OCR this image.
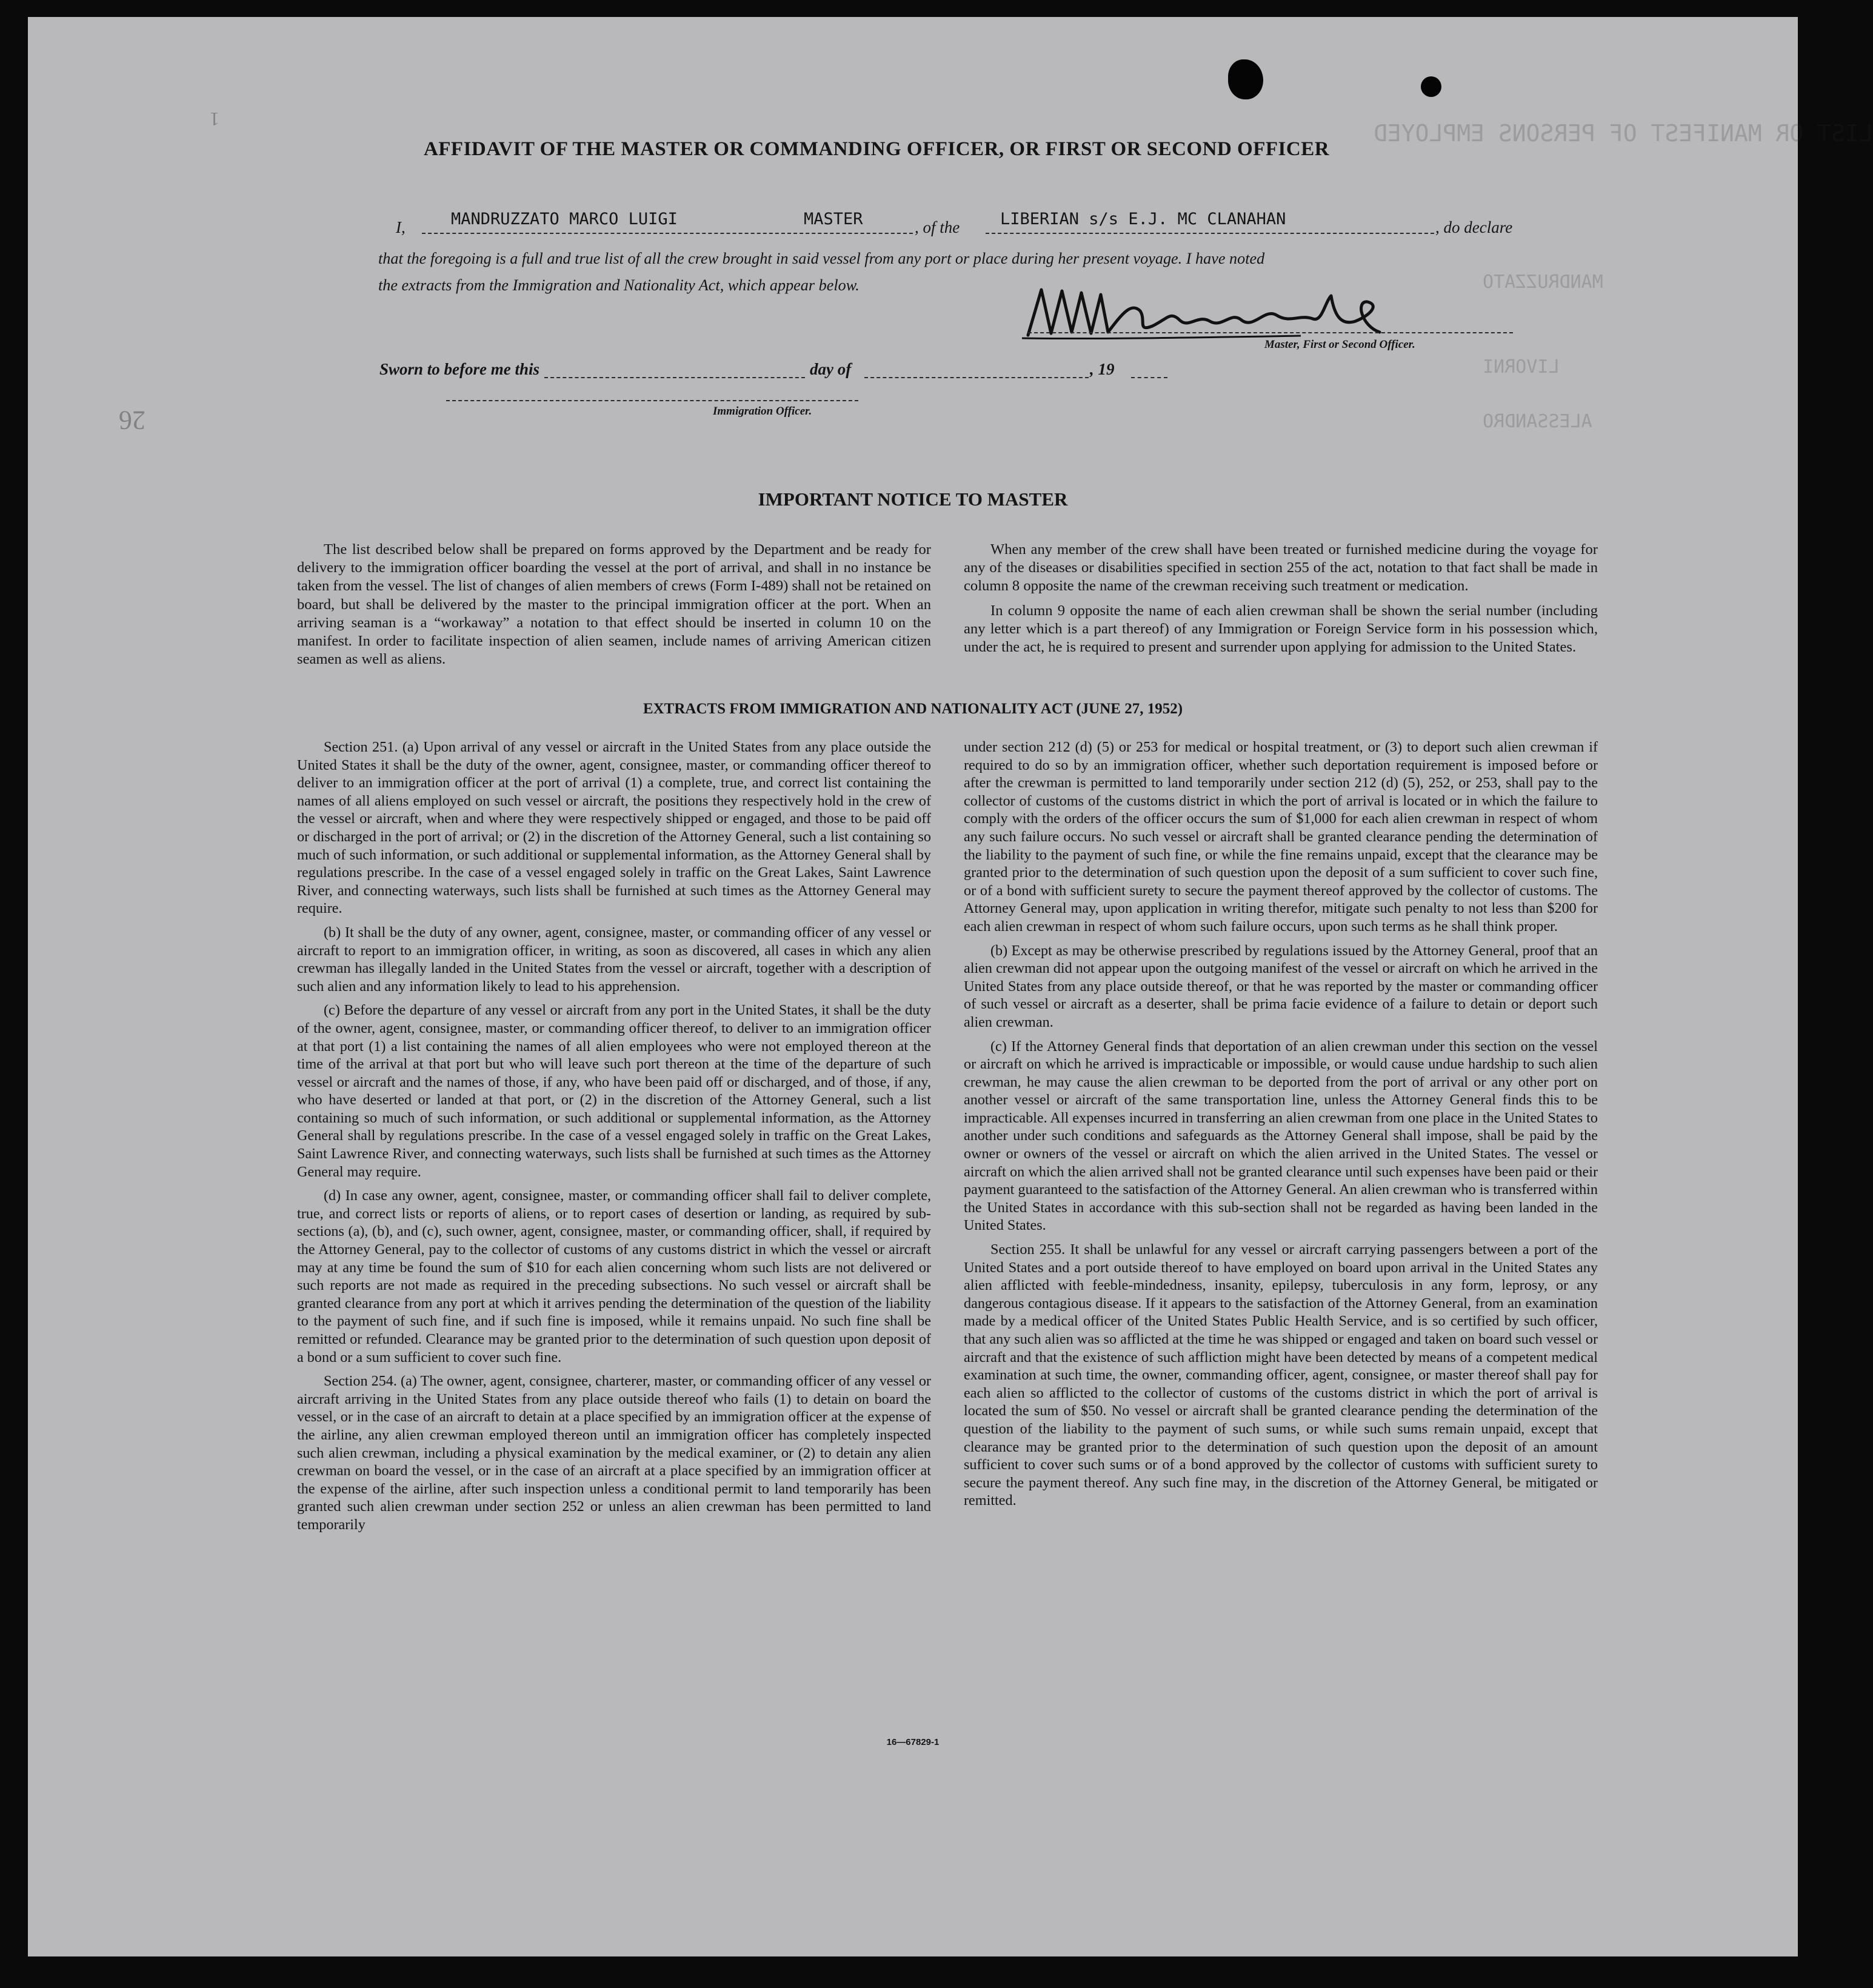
LIST OR MANIFEST OF PERSONS EMPLOYED
MANDRUZZATO
LIVORNI
ALESSANDRO
26
1
AFFIDAVIT OF THE MASTER OR COMMANDING OFFICER, OR FIRST OR SECOND OFFICER
I,	MANDRUZZATO MARCO LUIGI	MASTER	, of the LIBERIAN s/s E.J. MC CLANAHAN	, do declare
that the foregoing is a full and true list of all the crew brought in said vessel from any port or place during her present voyage. I have noted
the extracts from the Immigration and Nationality Act, which appear below.
Master, First or Second Officer.
Sworn to before me this	day of	, 19
Immigration Officer.
IMPORTANT NOTICE TO MASTER

The list described below shall be prepared on forms approved by the Department and be ready for delivery to the immigration officer boarding the vessel at the port of arrival, and shall in no instance be taken from the vessel. The list of changes of alien members of crews (Form I-489) shall not be retained on board, but shall be delivered by the master to the principal immigration officer at the port. When an arriving seaman is a “workaway” a notation to that effect should be inserted in column 10 on the manifest. In order to facilitate inspection of alien seamen, include names of arriving American citizen seamen as well as aliens.

When any member of the crew shall have been treated or furnished medicine during the voyage for any of the diseases or disabilities specified in section 255 of the act, notation to that fact shall be made in column 8 opposite the name of the crewman receiving such treatment or medication.

In column 9 opposite the name of each alien crewman shall be shown the serial number (including any letter which is a part thereof) of any Immigration or Foreign Service form in his possession which, under the act, he is required to present and surrender upon applying for admission to the United States.

EXTRACTS FROM IMMIGRATION AND NATIONALITY ACT (JUNE 27, 1952)

Section 251. (a) Upon arrival of any vessel or aircraft in the United States from any place outside the United States it shall be the duty of the owner, agent, consignee, master, or commanding officer thereof to deliver to an immigration officer at the port of arrival (1) a complete, true, and correct list containing the names of all aliens employed on such vessel or aircraft, the positions they respectively hold in the crew of the vessel or aircraft, when and where they were respectively shipped or engaged, and those to be paid off or discharged in the port of arrival; or (2) in the discretion of the Attorney General, such a list containing so much of such information, or such additional or supplemental information, as the Attorney General shall by regulations prescribe. In the case of a vessel engaged solely in traffic on the Great Lakes, Saint Lawrence River, and connecting waterways, such lists shall be furnished at such times as the Attorney General may require.

(b) It shall be the duty of any owner, agent, consignee, master, or commanding officer of any vessel or aircraft to report to an immigration officer, in writing, as soon as discovered, all cases in which any alien crewman has illegally landed in the United States from the vessel or aircraft, together with a description of such alien and any information likely to lead to his apprehension.

(c) Before the departure of any vessel or aircraft from any port in the United States, it shall be the duty of the owner, agent, consignee, master, or commanding officer thereof, to deliver to an immigration officer at that port (1) a list containing the names of all alien employees who were not employed thereon at the time of the arrival at that port but who will leave such port thereon at the time of the departure of such vessel or aircraft and the names of those, if any, who have been paid off or discharged, and of those, if any, who have deserted or landed at that port, or (2) in the discretion of the Attorney General, such a list containing so much of such information, or such additional or supplemental information, as the Attorney General shall by regulations prescribe. In the case of a vessel engaged solely in traffic on the Great Lakes, Saint Lawrence River, and connecting waterways, such lists shall be furnished at such times as the Attorney General may require.

(d) In case any owner, agent, consignee, master, or commanding officer shall fail to deliver complete, true, and correct lists or reports of aliens, or to report cases of desertion or landing, as required by sub-sections (a), (b), and (c), such owner, agent, consignee, master, or commanding officer, shall, if required by the Attorney General, pay to the collector of customs of any customs district in which the vessel or aircraft may at any time be found the sum of $10 for each alien concerning whom such lists are not delivered or such reports are not made as required in the preceding subsections. No such vessel or aircraft shall be granted clearance from any port at which it arrives pending the determination of the question of the liability to the payment of such fine, and if such fine is imposed, while it remains unpaid. No such fine shall be remitted or refunded. Clearance may be granted prior to the determination of such question upon deposit of a bond or a sum sufficient to cover such fine.

Section 254. (a) The owner, agent, consignee, charterer, master, or commanding officer of any vessel or aircraft arriving in the United States from any place outside thereof who fails (1) to detain on board the vessel, or in the case of an aircraft to detain at a place specified by an immigration officer at the expense of the airline, any alien crewman employed thereon until an immigration officer has completely inspected such alien crewman, including a physical examination by the medical examiner, or (2) to detain any alien crewman on board the vessel, or in the case of an aircraft at a place specified by an immigration officer at the expense of the airline, after such inspection unless a conditional permit to land temporarily has been granted such alien crewman under section 252 or unless an alien crewman has been permitted to land temporarily

under section 212 (d) (5) or 253 for medical or hospital treatment, or (3) to deport such alien crewman if required to do so by an immigration officer, whether such deportation requirement is imposed before or after the crewman is permitted to land temporarily under section 212 (d) (5), 252, or 253, shall pay to the collector of customs of the customs district in which the port of arrival is located or in which the failure to comply with the orders of the officer occurs the sum of $1,000 for each alien crewman in respect of whom any such failure occurs. No such vessel or aircraft shall be granted clearance pending the determination of the liability to the payment of such fine, or while the fine remains unpaid, except that the clearance may be granted prior to the determination of such question upon the deposit of a sum sufficient to cover such fine, or of a bond with sufficient surety to secure the payment thereof approved by the collector of customs. The Attorney General may, upon application in writing therefor, mitigate such penalty to not less than $200 for each alien crewman in respect of whom such failure occurs, upon such terms as he shall think proper.

(b) Except as may be otherwise prescribed by regulations issued by the Attorney General, proof that an alien crewman did not appear upon the outgoing manifest of the vessel or aircraft on which he arrived in the United States from any place outside thereof, or that he was reported by the master or commanding officer of such vessel or aircraft as a deserter, shall be prima facie evidence of a failure to detain or deport such alien crewman.

(c) If the Attorney General finds that deportation of an alien crewman under this section on the vessel or aircraft on which he arrived is impracticable or impossible, or would cause undue hardship to such alien crewman, he may cause the alien crewman to be deported from the port of arrival or any other port on another vessel or aircraft of the same transportation line, unless the Attorney General finds this to be impracticable. All expenses incurred in transferring an alien crewman from one place in the United States to another under such conditions and safeguards as the Attorney General shall impose, shall be paid by the owner or owners of the vessel or aircraft on which the alien arrived in the United States. The vessel or aircraft on which the alien arrived shall not be granted clearance until such expenses have been paid or their payment guaranteed to the satisfaction of the Attorney General. An alien crewman who is transferred within the United States in accordance with this sub-section shall not be regarded as having been landed in the United States.

Section 255. It shall be unlawful for any vessel or aircraft carrying passengers between a port of the United States and a port outside thereof to have employed on board upon arrival in the United States any alien afflicted with feeble-mindedness, insanity, epilepsy, tuberculosis in any form, leprosy, or any dangerous contagious disease. If it appears to the satisfaction of the Attorney General, from an examination made by a medical officer of the United States Public Health Service, and is so certified by such officer, that any such alien was so afflicted at the time he was shipped or engaged and taken on board such vessel or aircraft and that the existence of such affliction might have been detected by means of a competent medical examination at such time, the owner, commanding officer, agent, consignee, or master thereof shall pay for each alien so afflicted to the collector of customs of the customs district in which the port of arrival is located the sum of $50. No vessel or aircraft shall be granted clearance pending the determination of the question of the liability to the payment of such sums, or while such sums remain unpaid, except that clearance may be granted prior to the determination of such question upon the deposit of an amount sufficient to cover such sums or of a bond approved by the collector of customs with sufficient surety to secure the payment thereof. Any such fine may, in the discretion of the Attorney General, be mitigated or remitted.

16—67829-1
